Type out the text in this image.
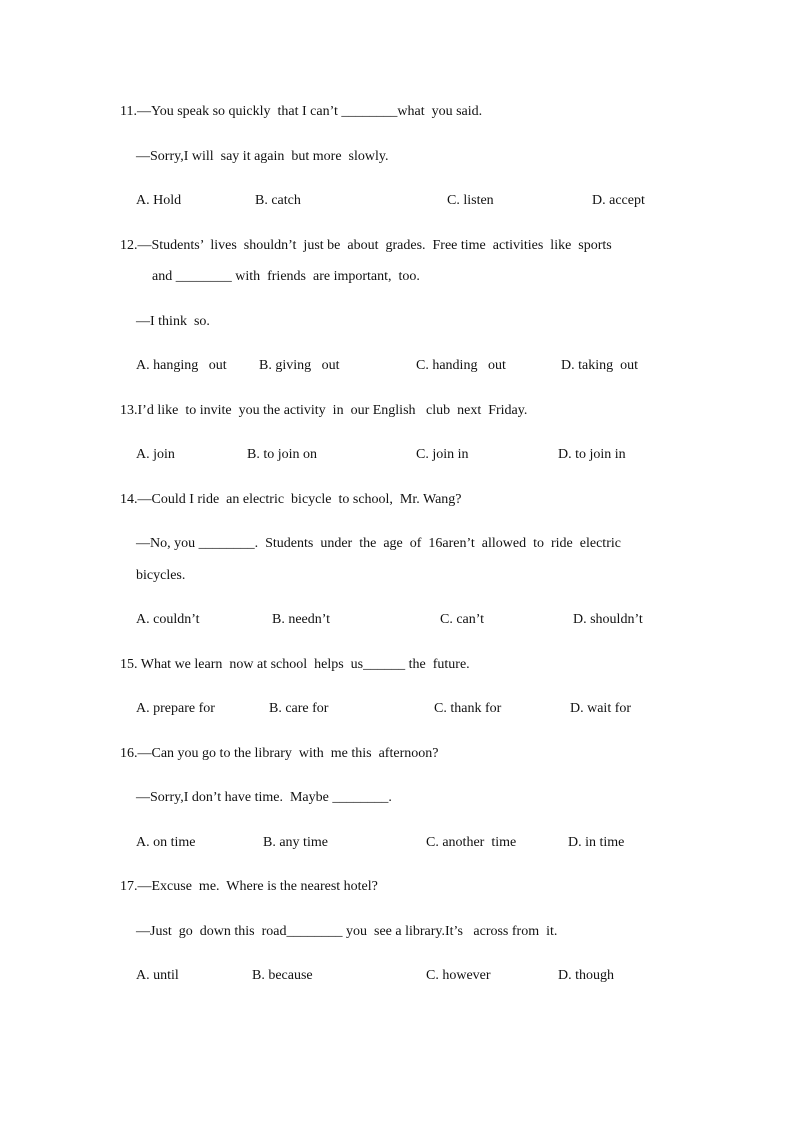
11.—You speak so quickly  that I can’t ________what  you said.
—Sorry,I will  say it again  but more  slowly.
A. Hold	B. catch	C. listen	D. accept
12.—Students’  lives  shouldn’t  just be  about  grades.  Free time  activities  like  sports
and ________ with  friends  are important,  too.
—I think  so.
A. hanging   out B. giving   out	C. handing   out	D. taking  out
13.I’d like  to invite  you the activity  in  our English   club  next  Friday.
A. join	B. to join on	C. join in	D. to join in
14.—Could I ride  an electric  bicycle  to school,  Mr. Wang?
—No, you ________.  Students  under  the  age  of  16aren’t  allowed  to  ride  electric
bicycles.
A. couldn’t	B. needn’t	C. can’t	D. shouldn’t
15. What we learn  now at school  helps  us______ the  future.
A. prepare for	B. care for	C. thank for	D. wait for
16.—Can you go to the library  with  me this  afternoon?
—Sorry,I don’t have time.  Maybe ________.
A. on time	B. any time	C. another  time	D. in time
17.—Excuse  me.  Where is the nearest hotel?
—Just  go  down this  road________ you  see a library.It’s   across from  it.
A. until	B. because	C. however	D. though
